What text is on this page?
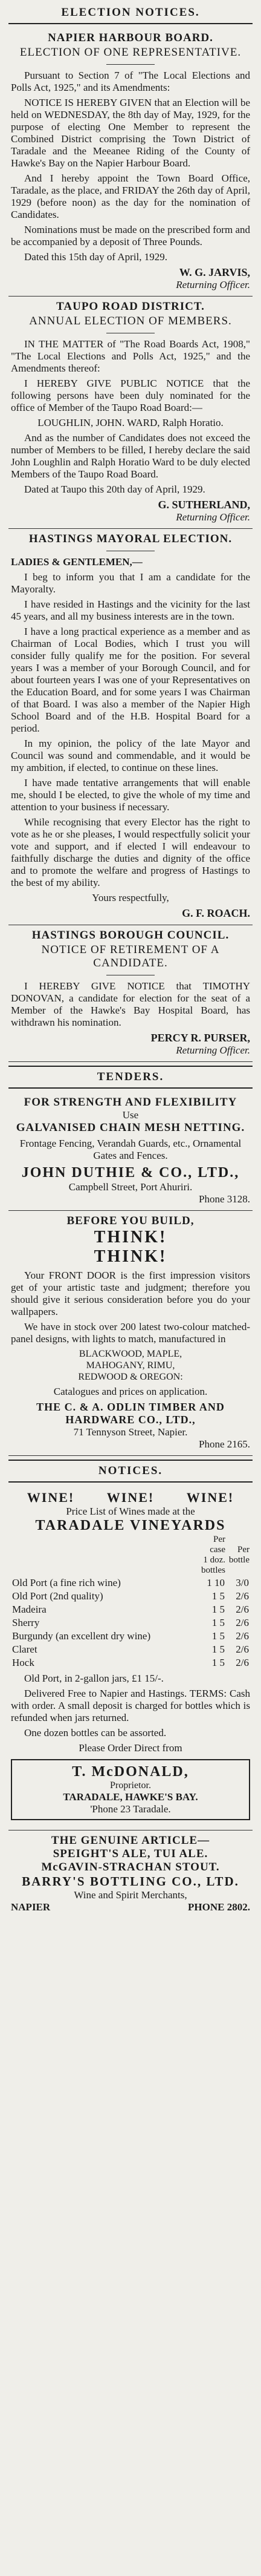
ELECTION NOTICES.
NAPIER HARBOUR BOARD.
ELECTION OF ONE REPRESENTATIVE.

Pursuant to Section 7 of "The Local Elections and Polls Act, 1925," and its Amendments:

NOTICE IS HEREBY GIVEN that an Election will be held on WEDNESDAY, the 8th day of May, 1929, for the purpose of electing One Member to represent the Combined District comprising the Town District of Taradale and the Meeanee Riding of the County of Hawke's Bay on the Napier Harbour Board.

And I hereby appoint the Town Board Office, Taradale, as the place, and FRIDAY the 26th day of April, 1929 (before noon) as the day for the nomination of Candidates.

Nominations must be made on the prescribed form and be accompanied by a deposit of Three Pounds.

Dated this 15th day of April, 1929.

W. G. JARVIS,
Returning Officer.
TAUPO ROAD DISTRICT.
ANNUAL ELECTION OF MEMBERS.

IN THE MATTER of "The Road Boards Act, 1908," "The Local Elections and Polls Act, 1925," and the Amendments thereof:

I HEREBY GIVE PUBLIC NOTICE that the following persons have been duly nominated for the office of Member of the Taupo Road Board:—

LOUGHLIN, JOHN. WARD, Ralph Horatio.

And as the number of Candidates does not exceed the number of Members to be filled, I hereby declare the said John Loughlin and Ralph Horatio Ward to be duly elected Members of the Taupo Road Board.

Dated at Taupo this 20th day of April, 1929.

G. SUTHERLAND,
Returning Officer.
HASTINGS MAYORAL ELECTION.

LADIES & GENTLEMEN,—

I beg to inform you that I am a candidate for the Mayoralty.

I have resided in Hastings and the vicinity for the last 45 years, and all my business interests are in the town.

I have a long practical experience as a member and as Chairman of Local Bodies, which I trust you will consider fully qualify me for the position. For several years I was a member of your Borough Council, and for about fourteen years I was one of your Representatives on the Education Board, and for some years I was Chairman of that Board. I was also a member of the Napier High School Board and of the H.B. Hospital Board for a period.

In my opinion, the policy of the late Mayor and Council was sound and commendable, and it would be my ambition, if elected, to continue on these lines.

I have made tentative arrangements that will enable me, should I be elected, to give the whole of my time and attention to your business if necessary.

While recognising that every Elector has the right to vote as he or she pleases, I would respectfully solicit your vote and support, and if elected I will endeavour to faithfully discharge the duties and dignity of the office and to promote the welfare and progress of Hastings to the best of my ability.

Yours respectfully,

G. F. ROACH.
HASTINGS BOROUGH COUNCIL.
NOTICE OF RETIREMENT OF A CANDIDATE.

I HEREBY GIVE NOTICE that TIMOTHY DONOVAN, a candidate for election for the seat of a Member of the Hawke's Bay Hospital Board, has withdrawn his nomination.

PERCY R. PURSER,
Returning Officer.
TENDERS.
FOR STRENGTH AND FLEXIBILITY
Use
GALVANISED CHAIN MESH NETTING.

Frontage Fencing, Verandah Guards, etc., Ornamental Gates and Fences.

JOHN DUTHIE & CO., LTD.,
Campbell Street, Port Ahuriri.
Phone 3128.
BEFORE YOU BUILD,
THINK!
THINK!

Your FRONT DOOR is the first impression visitors get of your artistic taste and judgment; therefore you should give it serious consideration before you do your wallpapers.

We have in stock over 200 latest two-colour matched-panel designs, with lights to match, manufactured in

BLACKWOOD, MAPLE,
MAHOGANY, RIMU,
REDWOOD & OREGON:

Catalogues and prices on application.

THE C. & A. ODLIN TIMBER AND HARDWARE CO., LTD.,
71 Tennyson Street, Napier.
Phone 2165.
NOTICES.
WINE! WINE! WINE!
Price List of Wines made at the
TARADALE VINEYARDS
	Per case
1 doz. bottles	Per bottle
Old Port (a fine rich wine)	1 10	3/0
Old Port (2nd quality)	1 5	2/6
Madeira	1 5	2/6
Sherry	1 5	2/6
Burgundy (an excellent dry wine)	1 5	2/6
Claret	1 5	2/6
Hock	1 5	2/6

Old Port, in 2-gallon jars, £1 15/-.

Delivered Free to Napier and Hastings. TERMS: Cash with order. A small deposit is charged for bottles which is refunded when jars returned.

One dozen bottles can be assorted.

Please Order Direct from
T. McDONALD,
Proprietor.
TARADALE, HAWKE'S BAY.
'Phone 23 Taradale.
THE GENUINE ARTICLE—
SPEIGHT'S ALE, TUI ALE.
McGAVIN-STRACHAN STOUT.
BARRY'S BOTTLING CO., LTD.
Wine and Spirit Merchants,
NAPIER	PHONE 2802.
